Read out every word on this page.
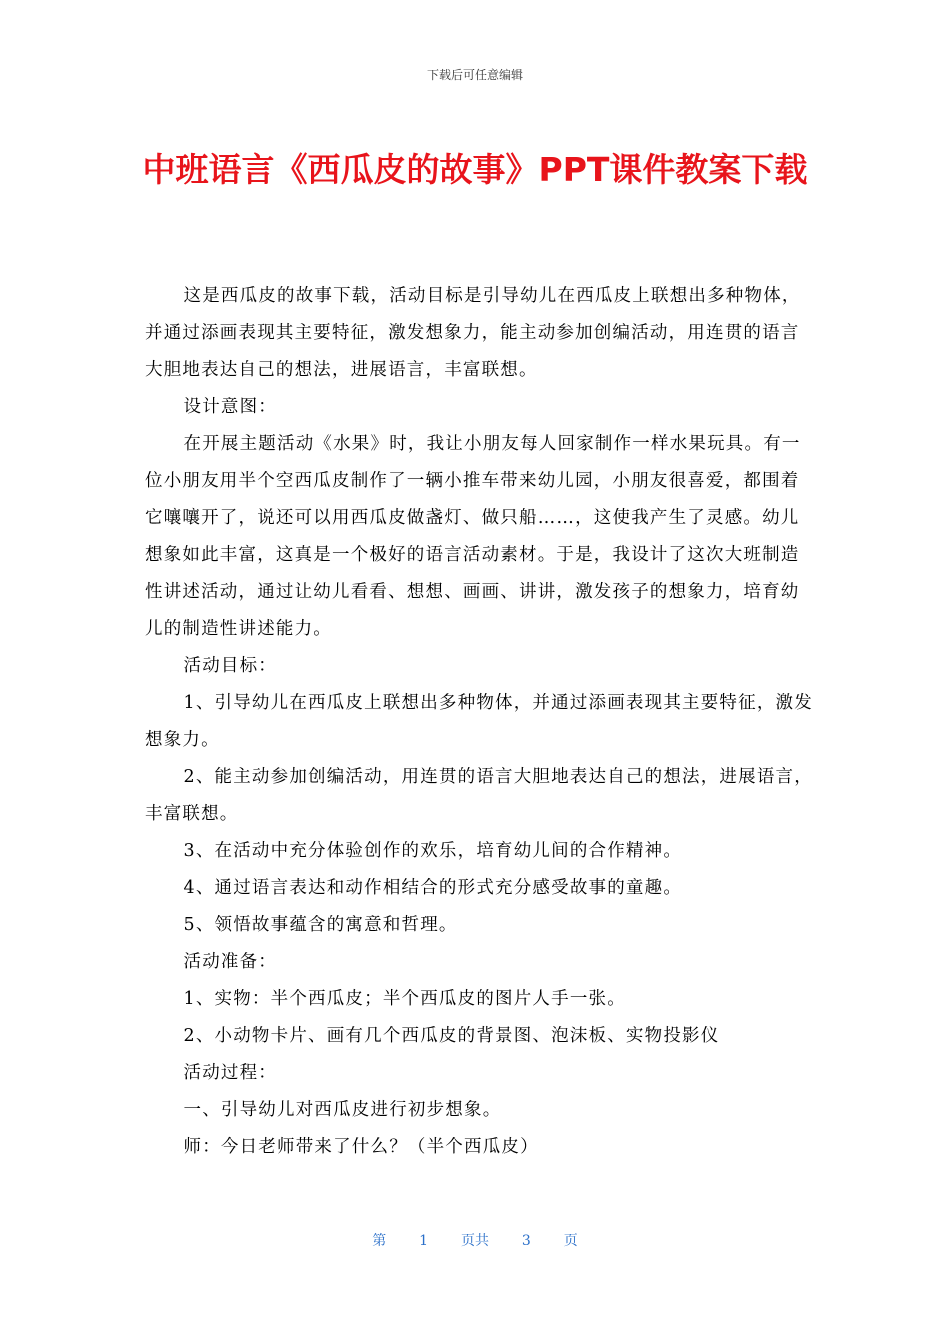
下载后可任意编辑
中班语言《西瓜皮的故事》PPT课件教案下载

这是西瓜皮的故事下载，活动目标是引导幼儿在西瓜皮上联想出多种物体，并通过添画表现其主要特征，激发想象力，能主动参加创编活动，用连贯的语言大胆地表达自己的想法，进展语言，丰富联想。

设计意图：

在开展主题活动《水果》时，我让小朋友每人回家制作一样水果玩具。有一位小朋友用半个空西瓜皮制作了一辆小推车带来幼儿园，小朋友很喜爱，都围着它嚷嚷开了，说还可以用西瓜皮做盏灯、做只船……，这使我产生了灵感。幼儿想象如此丰富，这真是一个极好的语言活动素材。于是，我设计了这次大班制造性讲述活动，通过让幼儿看看、想想、画画、讲讲，激发孩子的想象力，培育幼儿的制造性讲述能力。

活动目标：

1、引导幼儿在西瓜皮上联想出多种物体，并通过添画表现其主要特征，激发想象力。

2、能主动参加创编活动，用连贯的语言大胆地表达自己的想法，进展语言，丰富联想。

3、在活动中充分体验创作的欢乐，培育幼儿间的合作精神。

4、通过语言表达和动作相结合的形式充分感受故事的童趣。

5、领悟故事蕴含的寓意和哲理。

活动准备：

1、实物：半个西瓜皮；半个西瓜皮的图片人手一张。

2、小动物卡片、画有几个西瓜皮的背景图、泡沫板、实物投影仪

活动过程：

一、引导幼儿对西瓜皮进行初步想象。

师：今日老师带来了什么？（半个西瓜皮）

第 1 页共 3 页
